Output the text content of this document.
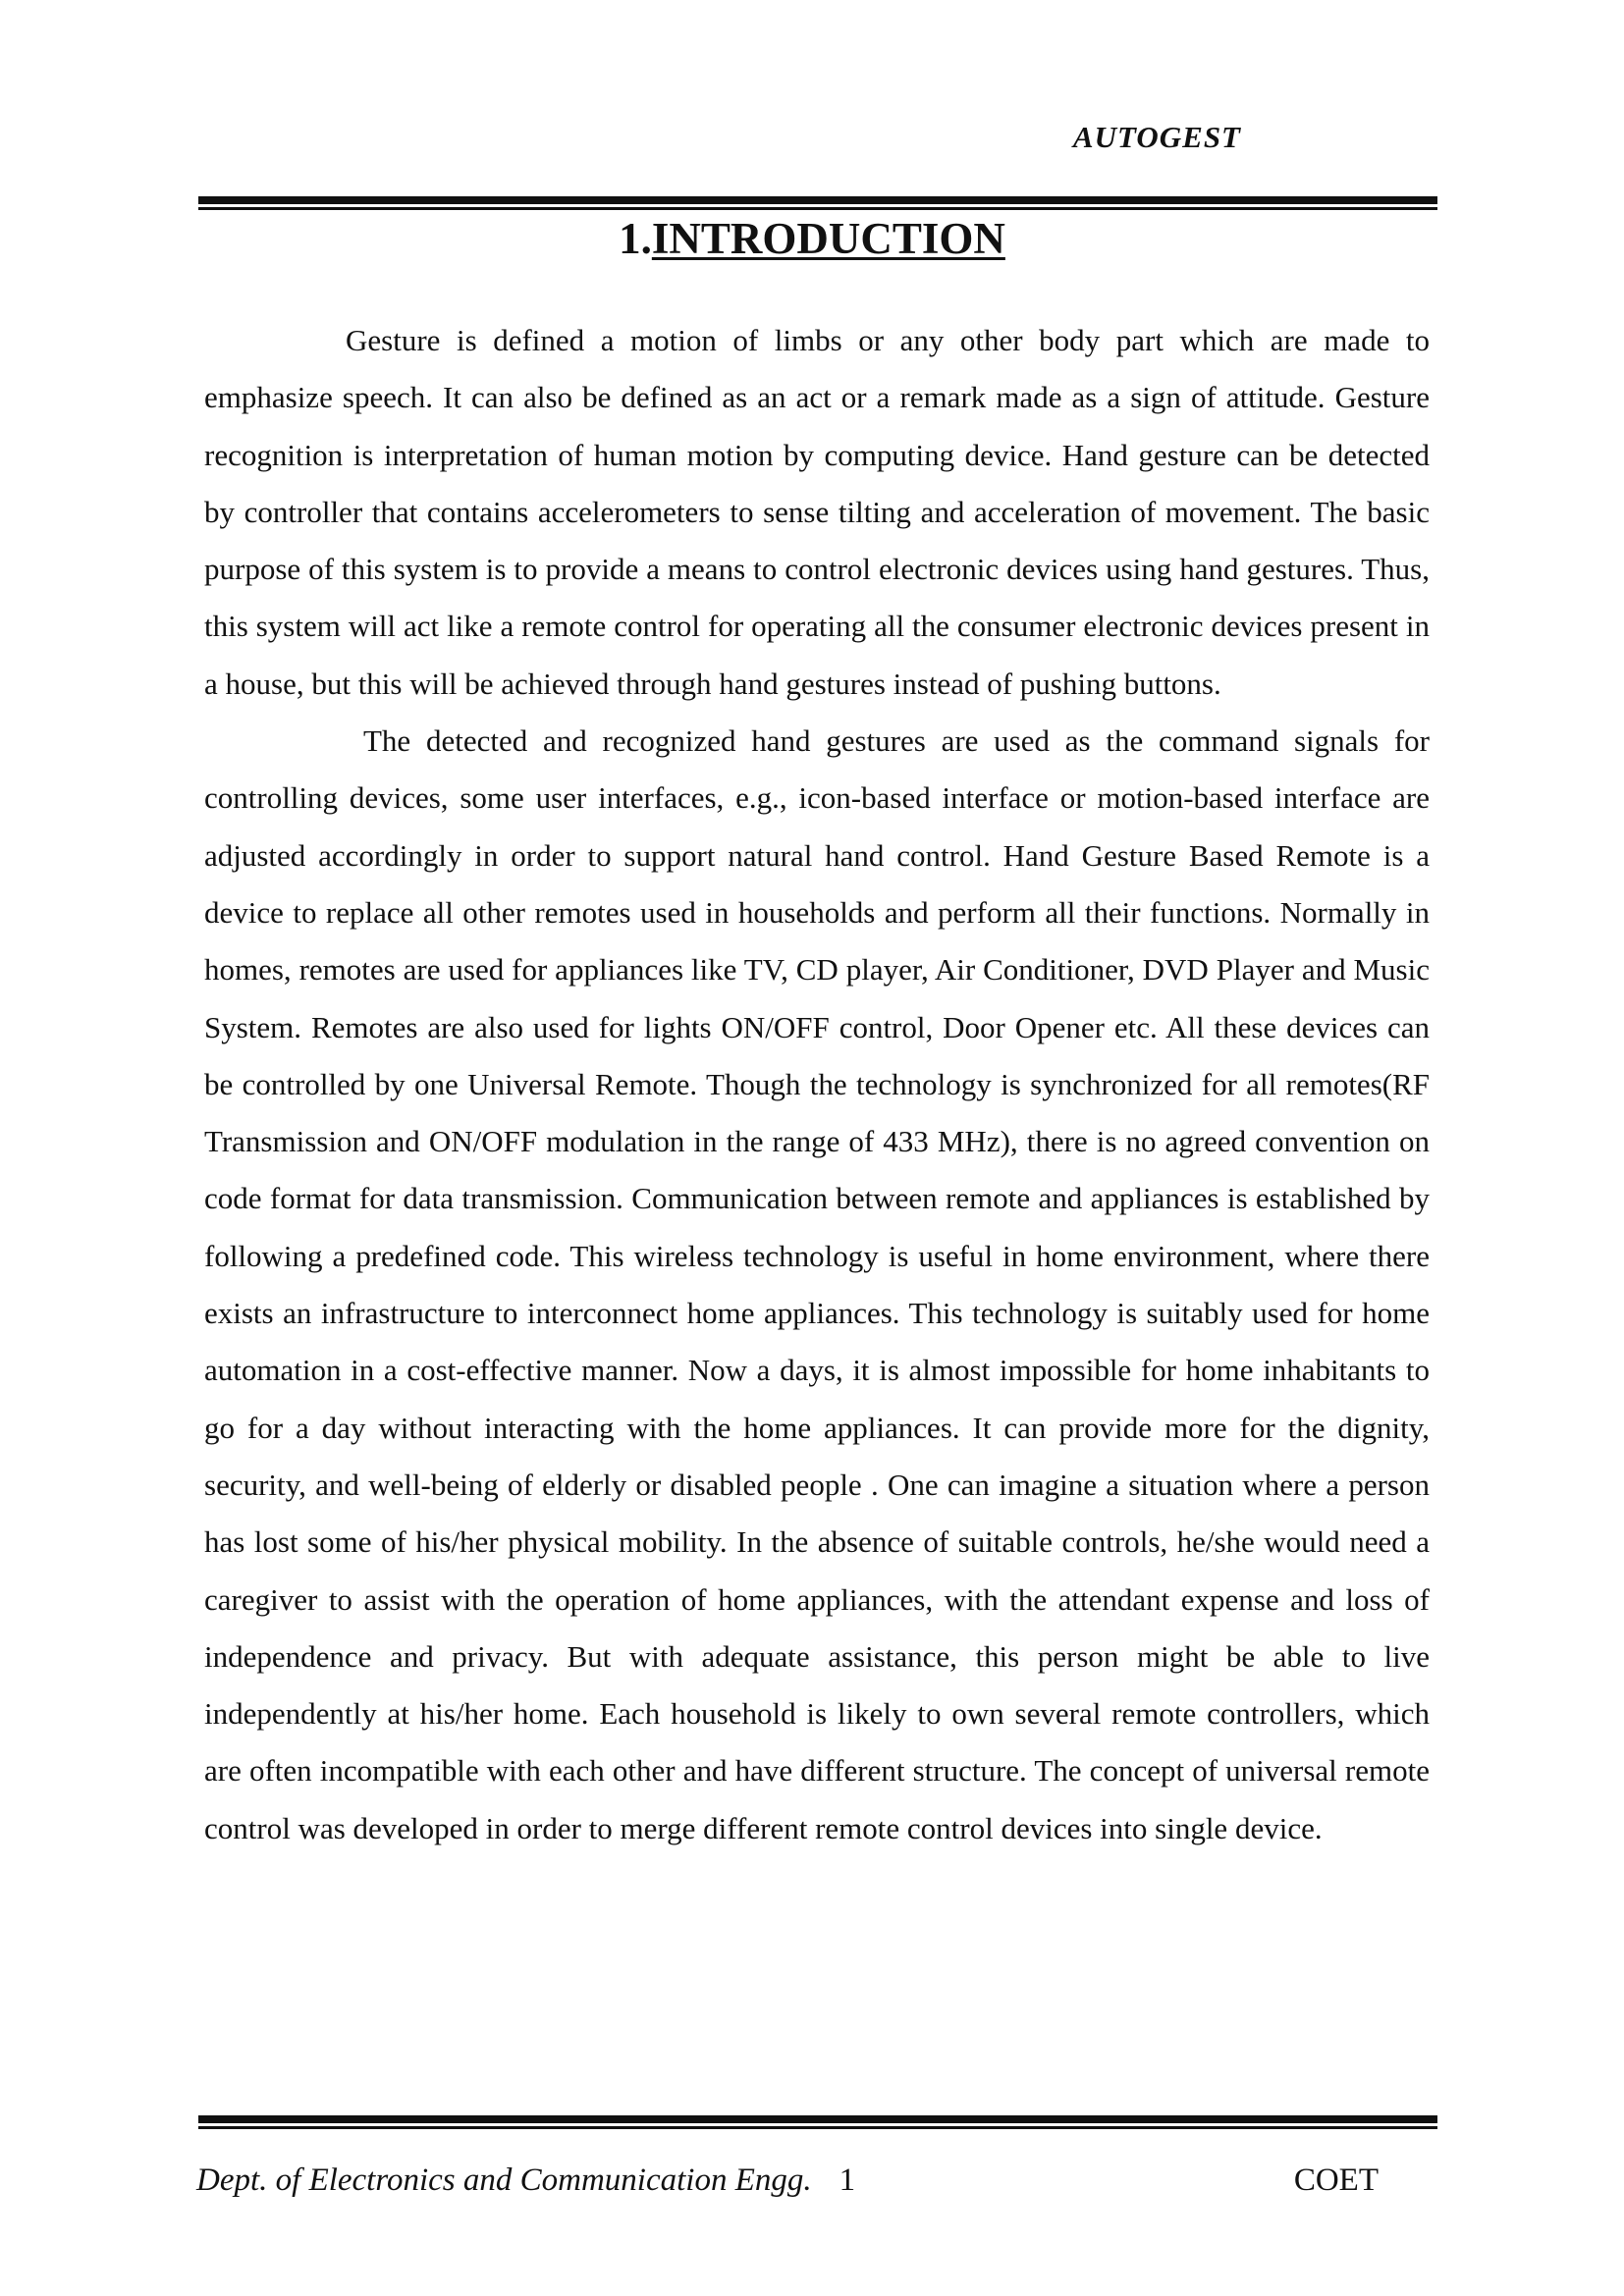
AUTOGEST
1.INTRODUCTION

Gesture is defined a motion of limbs or any other body part which are made to emphasize speech. It can also be defined as an act or a remark made as a sign of attitude. Gesture recognition is interpretation of human motion by computing device. Hand gesture can be detected by controller that contains accelerometers to sense tilting and acceleration of movement. The basic purpose of this system is to provide a means to control electronic devices using hand gestures. Thus, this system will act like a remote control for operating all the consumer electronic devices present in a house, but this will be achieved through hand gestures instead of pushing buttons.

The detected and recognized hand gestures are used as the command signals for controlling devices, some user interfaces, e.g., icon-based interface or motion-based interface are adjusted accordingly in order to support natural hand control. Hand Gesture Based Remote is a device to replace all other remotes used in households and perform all their functions. Normally in homes, remotes are used for appliances like TV, CD player, Air Conditioner, DVD Player and Music System. Remotes are also used for lights ON/OFF control, Door Opener etc. All these devices can be controlled by one Universal Remote. Though the technology is synchronized for all remotes(RF Transmission and ON/OFF modulation in the range of 433 MHz), there is no agreed convention on code format for data transmission. Communication between remote and appliances is established by following a predefined code. This wireless technology is useful in home environment, where there exists an infrastructure to interconnect home appliances. This technology is suitably used for home automation in a cost-effective manner. Now a days, it is almost impossible for home inhabitants to go for a day without interacting with the home appliances. It can provide more for the dignity, security, and well-being of elderly or disabled people . One can imagine a situation where a person has lost some of his/her physical mobility. In the absence of suitable controls, he/she would need a caregiver to assist with the operation of home appliances, with the attendant expense and loss of independence and privacy. But with adequate assistance, this person might be able to live independently at his/her home. Each household is likely to own several remote controllers, which are often incompatible with each other and have different structure. The concept of universal remote control was developed in order to merge different remote control devices into single device.

Dept. of Electronics and Communication Engg. 1	COET
